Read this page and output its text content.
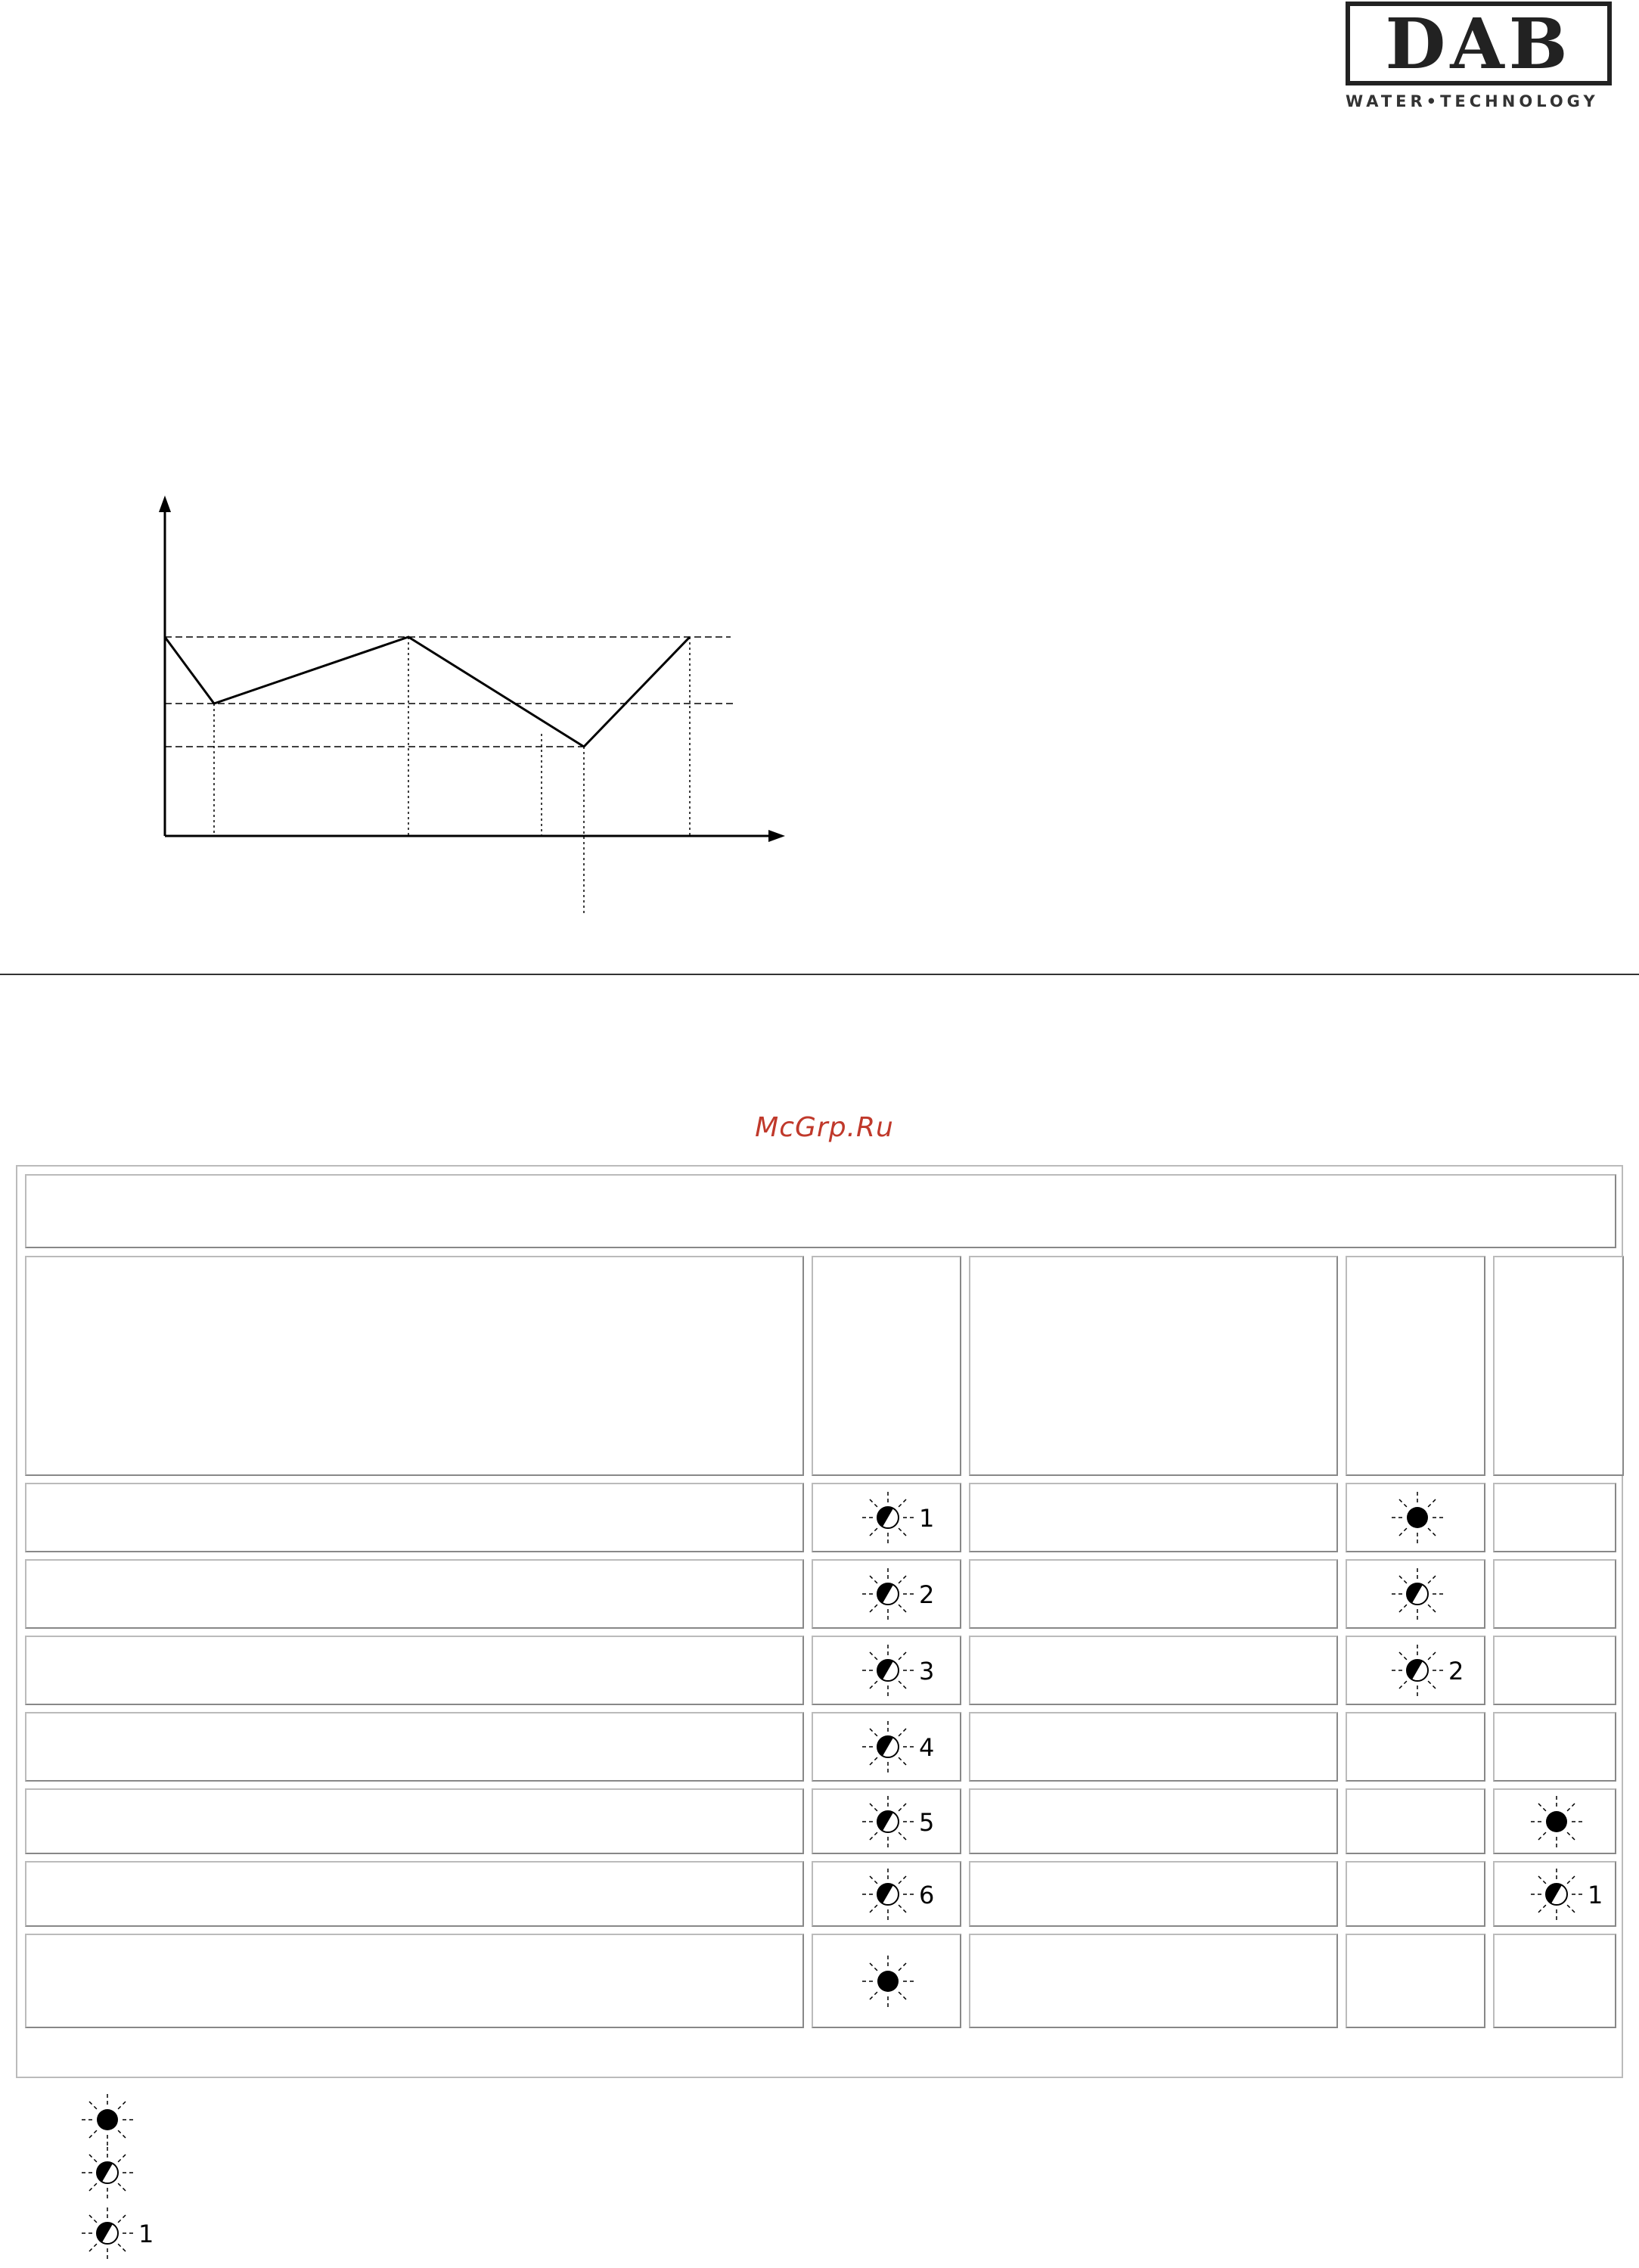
DAB
WATER•TECHNOLOGY
McGrp.Ru
1
2
3	2
4
5
6	1
1
